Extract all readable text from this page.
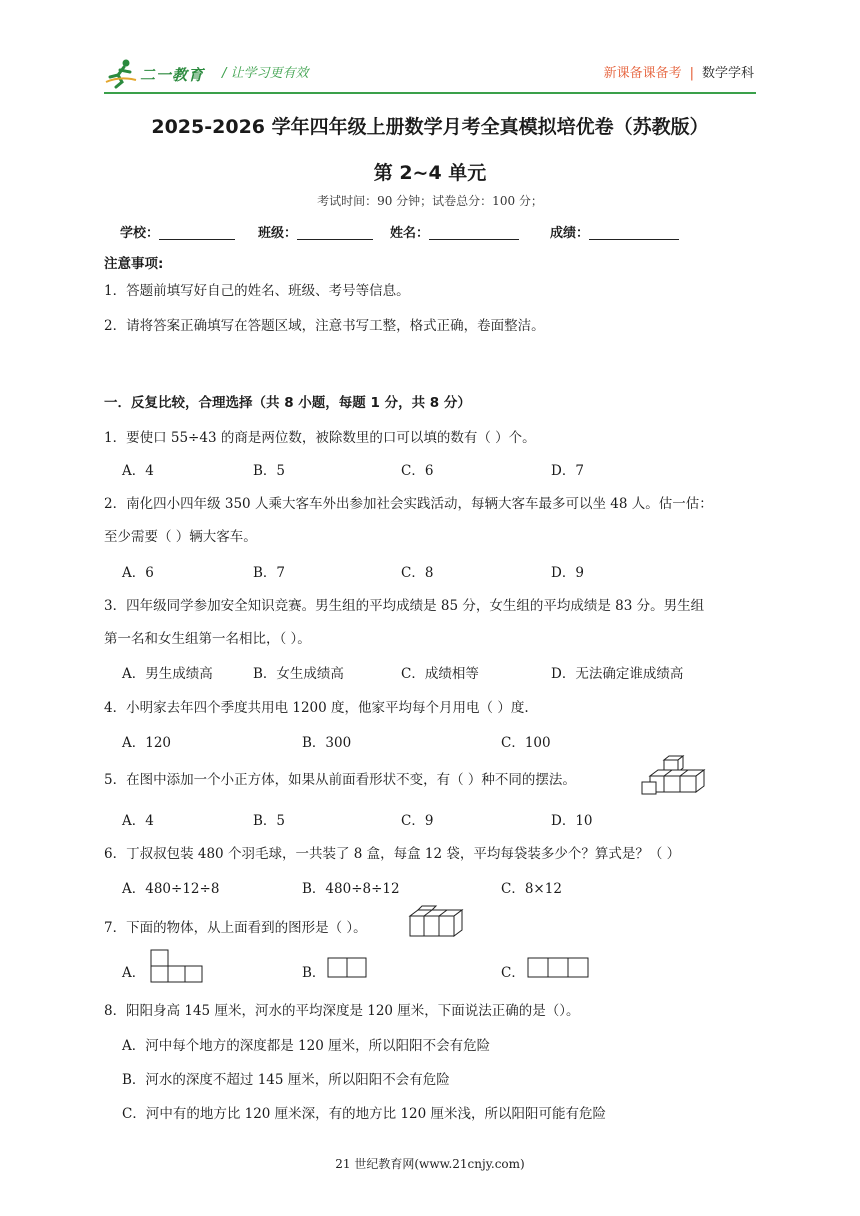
二一教育 / 让学习更有效	新课备课备考 | 数学学科
2025-2026 学年四年级上册数学月考全真模拟培优卷（苏教版）
第 2~4 单元
考试时间：90 分钟；试卷总分：100 分；
学校：	班级：	姓名：	成绩：
注意事项:
1．答题前填写好自己的姓名、班级、考号等信息。
2．请将答案正确填写在答题区域，注意书写工整，格式正确，卷面整洁。
一．反复比较，合理选择（共 8 小题，每题 1 分，共 8 分）
1．要使口 55÷43 的商是两位数，被除数里的口可以填的数有（ ）个。
A．4	B．5	C．6	D．7
2．南化四小四年级 350 人乘大客车外出参加社会实践活动，每辆大客车最多可以坐 48 人。估一估：
至少需要（ ）辆大客车。
A．6	B．7	C．8	D．9
3．四年级同学参加安全知识竞赛。男生组的平均成绩是 85 分，女生组的平均成绩是 83 分。男生组
第一名和女生组第一名相比，（ ）。
A．男生成绩高	B．女生成绩高	C．成绩相等	D．无法确定谁成绩高
4．小明家去年四个季度共用电 1200 度，他家平均每个月用电（ ）度.
A．120	B．300	C．100
5．在图中添加一个小正方体，如果从前面看形状不变，有（ ）种不同的摆法。
A．4	B．5	C．9	D．10
6．丁叔叔包装 480 个羽毛球，一共装了 8 盒，每盒 12 袋，平均每袋装多少个？算式是？（ ）
A．480÷12÷8	B．480÷8÷12	C．8×12
7．下面的物体，从上面看到的图形是（ ）。
A．	B．	C．
8．阳阳身高 145 厘米，河水的平均深度是 120 厘米，下面说法正确的是（）。
A．河中每个地方的深度都是 120 厘米，所以阳阳不会有危险
B．河水的深度不超过 145 厘米，所以阳阳不会有危险
C．河中有的地方比 120 厘米深，有的地方比 120 厘米浅，所以阳阳可能有危险
21 世纪教育网(www.21cnjy.com)
